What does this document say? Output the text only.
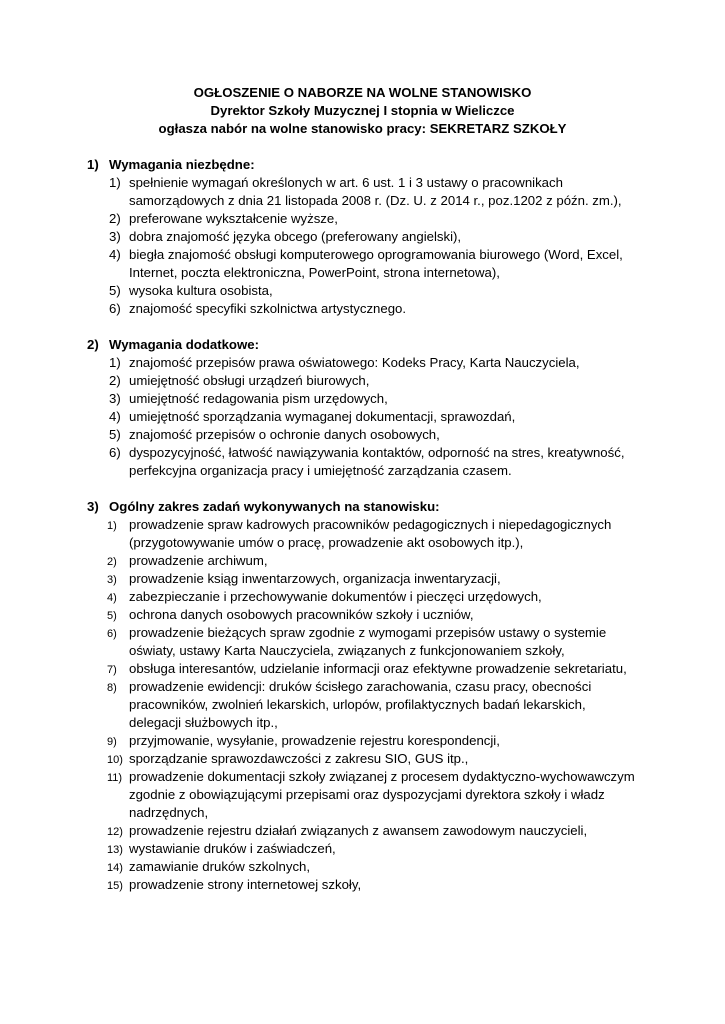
OGŁOSZENIE O NABORZE NA WOLNE STANOWISKO
Dyrektor Szkoły Muzycznej I stopnia w Wieliczce
ogłasza nabór na wolne stanowisko pracy: SEKRETARZ SZKOŁY
1) Wymagania niezbędne:
1) spełnienie wymagań określonych w art. 6 ust. 1 i 3 ustawy o pracownikach samorządowych z dnia 21 listopada 2008 r. (Dz. U. z 2014 r., poz.1202 z późn. zm.),
2) preferowane wykształcenie wyższe,
3) dobra znajomość języka obcego (preferowany angielski),
4) biegła znajomość obsługi komputerowego oprogramowania biurowego (Word, Excel, Internet, poczta elektroniczna, PowerPoint, strona internetowa),
5) wysoka kultura osobista,
6) znajomość specyfiki szkolnictwa artystycznego.
2) Wymagania dodatkowe:
1) znajomość przepisów prawa oświatowego: Kodeks Pracy, Karta Nauczyciela,
2) umiejętność obsługi urządzeń biurowych,
3) umiejętność redagowania pism urzędowych,
4) umiejętność sporządzania wymaganej dokumentacji, sprawozdań,
5) znajomość przepisów o ochronie danych osobowych,
6) dyspozycyjność, łatwość nawiązywania kontaktów, odporność na stres, kreatywność, perfekcyjna organizacja pracy i umiejętność zarządzania czasem.
3) Ogólny zakres zadań wykonywanych na stanowisku:
1) prowadzenie spraw kadrowych pracowników pedagogicznych i niepedagogicznych (przygotowywanie umów o pracę, prowadzenie akt osobowych itp.),
2) prowadzenie archiwum,
3) prowadzenie ksiąg inwentarzowych, organizacja inwentaryzacji,
4) zabezpieczanie i przechowywanie dokumentów i pieczęci urzędowych,
5) ochrona danych osobowych pracowników szkoły i uczniów,
6) prowadzenie bieżących spraw zgodnie z wymogami przepisów ustawy o systemie oświaty, ustawy Karta Nauczyciela, związanych z funkcjonowaniem szkoły,
7) obsługa interesantów, udzielanie informacji oraz efektywne prowadzenie sekretariatu,
8) prowadzenie ewidencji: druków ścisłego zarachowania, czasu pracy, obecności pracowników, zwolnień lekarskich, urlopów, profilaktycznych badań lekarskich, delegacji służbowych itp.,
9) przyjmowanie, wysyłanie, prowadzenie rejestru korespondencji,
10) sporządzanie sprawozdawczości z zakresu SIO, GUS itp.,
11) prowadzenie dokumentacji szkoły związanej z procesem dydaktyczno-wychowawczym zgodnie z obowiązującymi przepisami oraz dyspozycjami dyrektora szkoły i władz nadrzędnych,
12) prowadzenie rejestru działań związanych z awansem zawodowym nauczycieli,
13) wystawianie druków i zaświadczeń,
14) zamawianie druków szkolnych,
15) prowadzenie strony internetowej szkoły,
